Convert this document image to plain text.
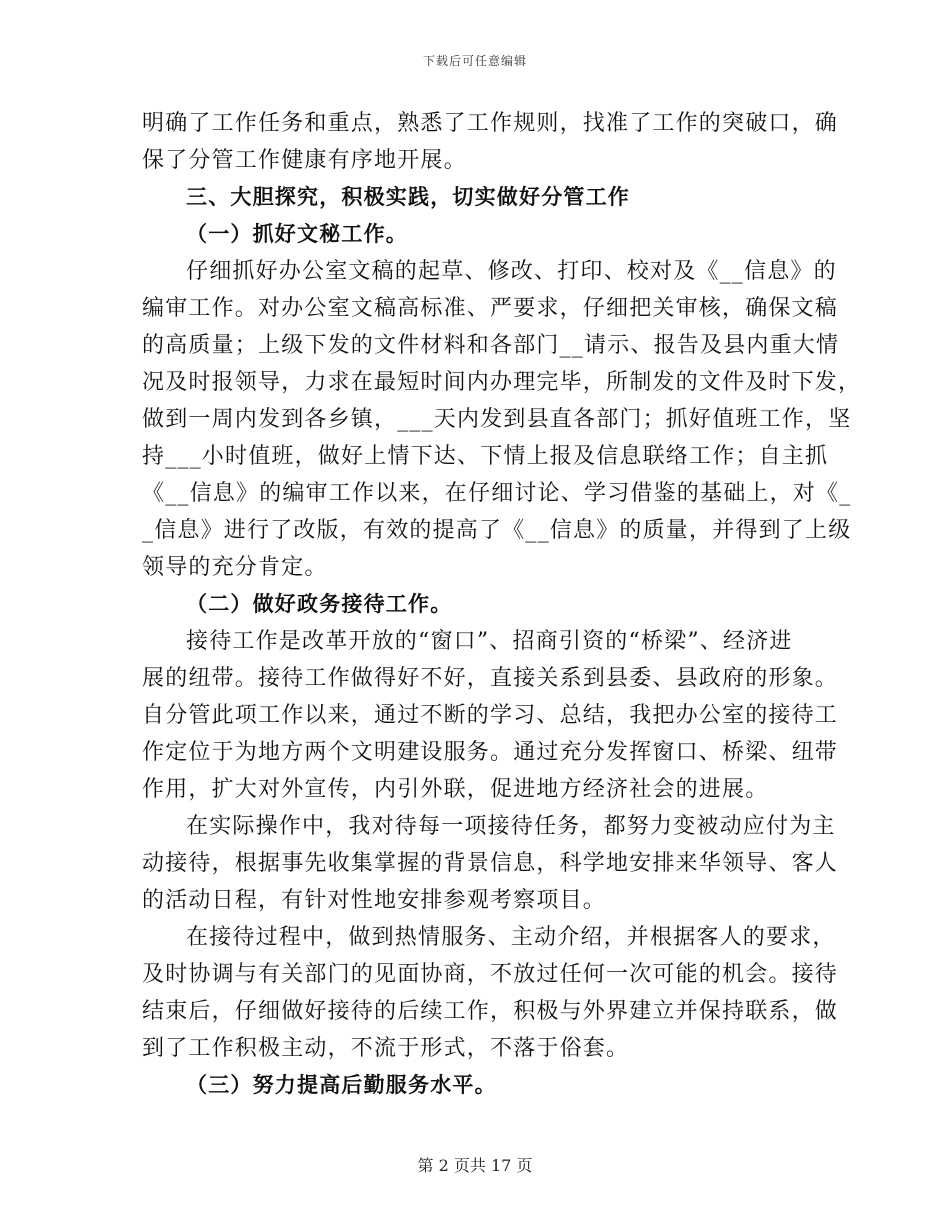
下载后可任意编辑
明确了工作任务和重点，熟悉了工作规则，找准了工作的突破口，确
保了分管工作健康有序地开展。
三、大胆探究，积极实践，切实做好分管工作
（一）抓好文秘工作。
仔细抓好办公室文稿的起草、修改、打印、校对及《__信息》的
编审工作。对办公室文稿高标准、严要求，仔细把关审核，确保文稿
的高质量；上级下发的文件材料和各部门__请示、报告及县内重大情
况及时报领导，力求在最短时间内办理完毕，所制发的文件及时下发，
做到一周内发到各乡镇，___天内发到县直各部门；抓好值班工作，坚
持___小时值班，做好上情下达、下情上报及信息联络工作；自主抓
《__信息》的编审工作以来，在仔细讨论、学习借鉴的基础上，对《_
_信息》进行了改版，有效的提高了《__信息》的质量，并得到了上级
领导的充分肯定。
（二）做好政务接待工作。
接待工作是改革开放的“窗口”、招商引资的“桥梁”、经济进
展的纽带。接待工作做得好不好，直接关系到县委、县政府的形象。
自分管此项工作以来，通过不断的学习、总结，我把办公室的接待工
作定位于为地方两个文明建设服务。通过充分发挥窗口、桥梁、纽带
作用，扩大对外宣传，内引外联，促进地方经济社会的进展。
在实际操作中，我对待每一项接待任务，都努力变被动应付为主
动接待，根据事先收集掌握的背景信息，科学地安排来华领导、客人
的活动日程，有针对性地安排参观考察项目。
在接待过程中，做到热情服务、主动介绍，并根据客人的要求，
及时协调与有关部门的见面协商，不放过任何一次可能的机会。接待
结束后，仔细做好接待的后续工作，积极与外界建立并保持联系，做
到了工作积极主动，不流于形式，不落于俗套。
（三）努力提高后勤服务水平。
第 2 页共 17 页
